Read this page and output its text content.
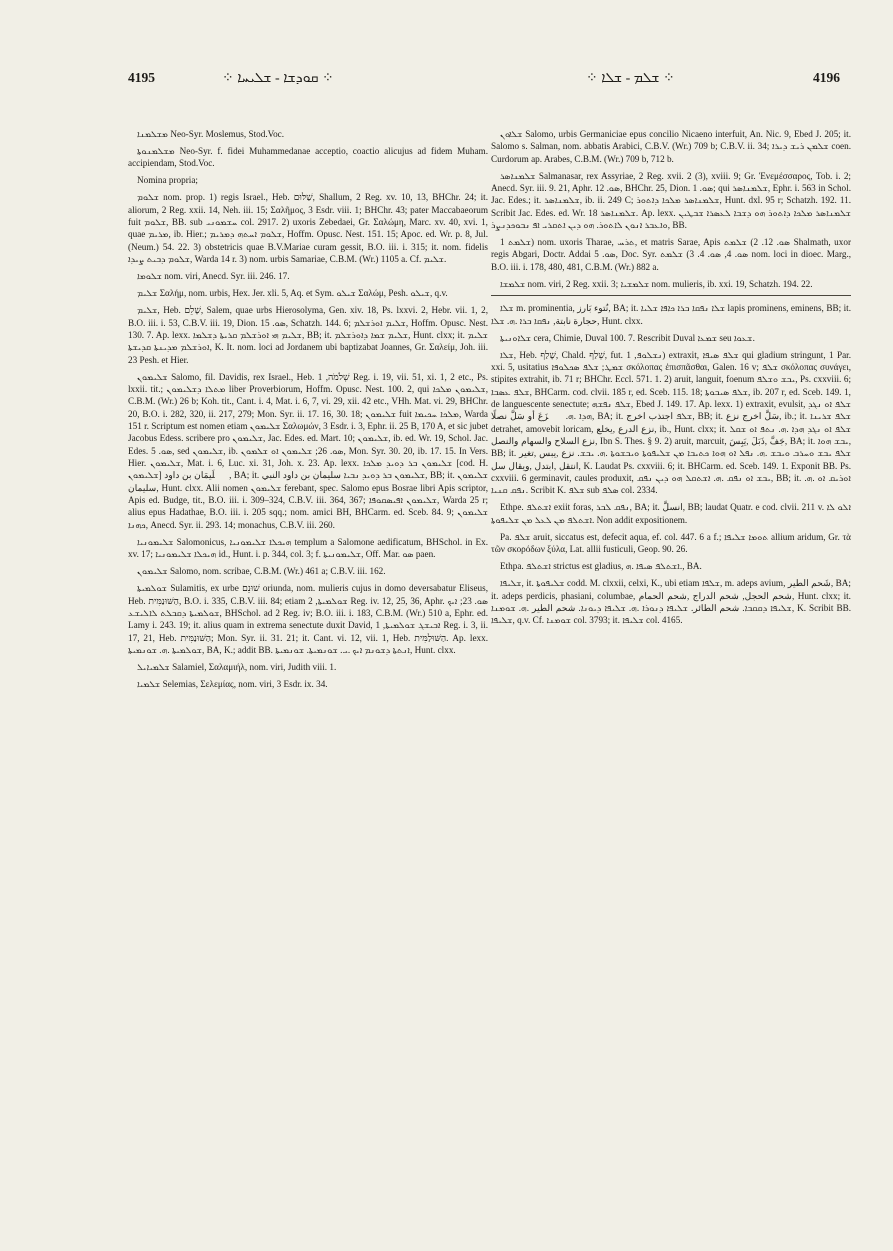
4195	⁘ ܩܘܕܫܐ - ܫܠܝܚܐ ⁘	⁘ ܫܠܡ - ܫܠܐ ⁘	4196

ܡܫܠܡܢܐ Neo-Syr. Moslemus, Stod.Voc.

ܡܫܠܡܢܘܬܐ Neo-Syr. f. fidei Muhammedanae acceptio, coactio alicujus ad fidem Muham. accipiendam, Stod.Voc.

Nomina propria;

ܫܠܘܡ nom. prop. 1) regis Israel., Heb. שַׁלּוּם, Shallum, 2 Reg. xv. 10, 13, BHChr. 24; it. aliorum, 2 Reg. xxii. 14, Neh. iii. 15; Σαλῆμος, 3 Esdr. viii. 1; BHChr. 43; pater Maccabaeorum fuit ܫܠܘܡ, BB. sub ܚܫܡܘܢܝ col. 2917. 2) uxoris Zebedaei, Gr. Σαλώμη, Marc. xv. 40, xvi. 1, quae ܡܪܝܡ, ib. Hier.; ܫܠܘܡ ܐܚܬܗ ܕܡܪܝܡ, Hoffm. Opusc. Nest. 151. 15; Apoc. ed. Wr. p. 8, Jul. (Neum.) 54. 22. 3) obstetricis quae B.V.Mariae curam gessit, B.O. iii. i. 315; it. nom. fidelis ܫܠܘܡ ܕܒܝܬ ܨܝܕܐ, Warda 14 r. 3) nom. urbis Samariae, C.B.M. (Wr.) 1105 a. Cf. ܫܠܝܡ.

ܫܠܘܡܐ nom. viri, Anecd. Syr. iii. 246. 17.

ܫܠܝܡ Σαλήμ, nom. urbis, Hex. Jer. xli. 5, Aq. et Sym. ܫܝܠܘ Σαλώμ, Pesh. ܫܝܠܘ, q.v.

ܫܠܝܡ, Heb. שָׁלֵם, Salem, quae urbs Hierosolyma, Gen. xiv. 18, Ps. lxxvi. 2, Hebr. vii. 1, 2, B.O. iii. i. 53, C.B.V. iii. 19, Dion. ܣܘ. 15, Schatzh. 144. 6; ܫܠܝܡ ܐܘܪܫܠܡ, Hoffm. Opusc. Nest. 130. 7. Ap. lexx. ܫܠܝܡ ܗܝ ܐܘܪܫܠܡ ܩܪܝܬܐ ܕܫܠܡܐ, BB; it. ܫܠܝܡ ܫܡܐ ܕܐܘܪܫܠܡ, Hunt. clxx; it. ܫܠܝܡ ܐܘܪܫܠܡ ܡܕܝܢܬܐ ܩܕܝܫܬܐ, K. It. nom. loci ad Jordanem ubi baptizabat Joannes, Gr. Σαλείμ, Joh. iii. 23 Pesh. et Hier.

ܫܠܝܡܘܢ Salomo, fil. Davidis, rex Israel., Heb. שְׁלֹמֹה, 1 Reg. i. 19, vii. 51, xi. 1, 2 etc., Ps. lxxii. tit.; ܡܬܠܐ ܕܫܠܝܡܘܢ liber Proverbiorum, Hoffm. Opusc. Nest. 100. 2, qui ܫܠܝܡܘܢ ܡܠܟܐ, C.B.M. (Wr.) 26 b; Koh. tit., Cant. i. 4, Mat. i. 6, 7, vi. 29, xii. 42 etc., VHh. Mat. vi. 29, BHChr. 20, B.O. i. 282, 320, ii. 217, 279; Mon. Syr. ii. 17. 16, 30. 18; ܫܠܝܡܘܢ fuit ܡܠܟܐ ܚܟܝܡܐ, Warda 151 r. Scriptum est nomen etiam ܫܠܝܡܘܢ Σαλωμών, 3 Esdr. i. 3, Ephr. ii. 25 B, 170 A, et sic jubet Jacobus Edess. scribere pro ܫܠܝܡܘܢ, Jac. Edes. ed. Mart. 10; ܫܠܝܡܘܢ, ib. ed. Wr. 19, Schol. Jac. Edes. ܣܘ. 5, sed ܫܠܝܡܘܢ, ib. ܣܘ. 26; ܫܠܝܡܘܢ ܐܘ ܫܠܡܘܢ, Mon. Syr. 30. 20, ib. 17. 15. In Vers. Hier. ܫܠܝܡܘܢ, Mat. i. 6, Luc. xi. 31, Joh. x. 23. Ap. lexx. ܫܠܝܡܘܢ ܒܪ ܕܘܝܕ ܡܠܟܐ [cod. H. ܫܠܝܡܘܢ] ܣُلَيمَان بن داود, BA; it. ܫܠܝܡܘܢ ܒܪ ܕܘܝܕ ܢܒܝܐ سليمان بن داود النبي, BB; it. ܫܠܝܡܘܢ سليمان, Hunt. clxx. Alii nomen ܫܠܝܡܘܢ ferebant, spec. Salomo epus Bosrae libri Apis scriptor, Apis ed. Budge, tit., B.O. iii. i. 309–324, C.B.V. iii. 364, 367; ܫܠܝܡܘܢ ܐܦܝܣܩܘܦܐ, Warda 25 r; alius epus Hadathae, B.O. iii. i. 205 sqq.; nom. amici BH, BHCarm. ed. Sceb. 84. 9; ܫܠܝܡܘܢ ܟܗܢܐ, Anecd. Syr. ii. 293. 14; monachus, C.B.V. iii. 260.

ܫܠܝܡܘܢܝܐ Salomonicus, ܗܝܟܠܐ ܫܠܝܡܘܢܝܐ templum a Salomone aedificatum, BHSchol. in Ex. xv. 17; ܗܝܟܠܐ ܫܠܝܡܘܢܝܐ id., Hunt. i. p. 344, col. 3; f. ܫܠܝܡܘܢܝܬܐ, Off. Mar. ܣܘ paen.

ܫܠܝܡܘܢ Salomo, nom. scribae, C.B.M. (Wr.) 461 a; C.B.V. iii. 162.

ܫܘܠܡܝܬܐ Sulamitis, ex urbe שׁוּנֵם oriunda, nom. mulieris cujus in domo deversabatur Eliseus, Heb. הַשּׁוּנַמִּית, B.O. i. 335, C.B.V. iii. 84; etiam ܫܘܠܡܝܬܐ, 2 Reg. iv. 12, 25, 36, Aphr. ܣܘ. 23; ܐܝܟ ܫܘܠܡܝܬܐ ܕܩܒܠܬ ܠܐܠܝܫܥ, BHSchol. ad 2 Reg. iv; B.O. iii. i. 183, C.B.M. (Wr.) 510 a, Ephr. ed. Lamy i. 243. 19; it. alius quam in extrema senectute duxit David, ܐܒܝܫܓ ܫܘܠܡܝܬܐ, 1 Reg. i. 3, ii. 17, 21, Heb. הַשּׁוּנַמִּית; Mon. Syr. ii. 31. 21; it. Cant. vi. 12, vii. 1, Heb. הַשּׁוּלַמִּית. Ap. lexx. ܫܘܠܡܝܬܐ .ܗ. ܫܘܢܡܝܬܐ, BA, K.; addit BB. ܐܢܬܬܐ ܕܫܘܢܡ ܐܝܟ .ܝ. ܫܘܢܡܝܬܐ. ܫܘܢܡܝܬܐ, Hunt. clxx.

ܫܠܡܝܐܝܠ Salamiel, Σαλαμιήλ, nom. viri, Judith viii. 1.

ܫܠܡܝܐ Selemias, Σελεμίας, nom. viri, 3 Esdr. ix. 34.

ܫܠܐܘܢ Salomo, urbis Germaniciae epus concilio Nicaeno interfuit, An. Nic. 9, Ebed J. 205; it. Salomo s. Salman, nom. abbatis Arabici, C.B.V. (Wr.) 709 b; C.B.V. ii. 34; ܫܠܡܢ ܪܝܫ ܕܝܪܐ coen. Curdorum ap. Arabes, C.B.M. (Wr.) 709 b, 712 b.

ܫܠܡܢܐܣܪ Salmanasar, rex Assyriae, 2 Reg. xvii. 2 (3), xviii. 9; Gr. Ἐνεμέσσαρος, Tob. i. 2; Anecd. Syr. iii. 9. 21, Aphr. ܣܘ. 12, BHChr. 25, Dion. ܣܘ. 1; qui ܫܠܡܢܐܣܪ, Ephr. i. 563 in Schol. Jac. Edes.; it. ܫܠܡܢܐܣܪ, ib. ii. 249 C; ܫܠܡܢܐܣܪ ܡܠܟܐ ܕܐܬܘܪ, Hunt. dxl. 95 r; Schatzh. 192. 11. Scribit Jac. Edes. ed. Wr. 18 ܫܠܡܢܐܣܪ. Ap. lexx. ܫܠܡܢܐܣܪ ܡܠܟܐ ܕܐܬܘܪ ܗܘ ܕܫܒܐ ܠܥܣܪܐ ܫܒܛܝܢ ܘܐܥܒܪ ܐܢܘܢ ܠܐܬܘܪ. ܗܘ ܕܝܢ ܐܬܩܪܝ ܐܦ ܢܒܘܟܕܢܨܪ, BB.

ܫܠܡܬ 1) nom. uxoris Tharae, ܬܪܚ, et matris Sarae, Apis ܣܘ. 12. 2) ܫܠܡܬ Shalmath, uxor regis Abgari, Doctr. Addai ܣܘ. 5, Doc. Syr. ܣܘ. 4, ܣܘ. 4. 3) ܫܠܡܬ nom. loci in dioec. Marg., B.O. iii. i. 178, 480, 481, C.B.M. (Wr.) 882 a.

ܫܠܡܫܐ nom. viri, 2 Reg. xxii. 3; ܫܠܡܫܝܐ nom. mulieris, ib. xxi. 19, Schatzh. 194. 22.

ܫܠܐ m. prominentia, نُتوء بَارز, BA; it. ܫܠܐ ܢܦܩܐ ܒܪܐ ܟܐܦܐ ܫܠܝܐ lapis prominens, eminens, BB; it. حجارة نابتة, ܢܦܩܐ ܒܪܐ .ܗ. ܫܠܐ, Hunt. clxx.

ܫܠܐܘܢܝܬܐ cera, Chimie, Duval 100. 7. Rescribit Duval ܫܡܥܐ seu ܫܥܘܐ.

ܫܠܐ, Heb. שָׁלַף, Chald. שְׁלַף, fut. ܢܫܠܘܦ, 1) extraxit, ܫܠܦ ܣܝܦܐ qui gladium stringunt, 1 Par. xxi. 5, usitatius ܫܡܛ; ܫܠܦ ܣܟܠܘܦܐ σκόλοπας ἐπισπᾶσθαι, Galen. 16 v; ܫܠܦ σκόλοπας συνάγει, stipites extrahit, ib. 71 r; BHChr. Eccl. 571. 1. 2) aruit, languit, foenum ܝܒܫ ܘܫܠܦ, Ps. cxxviii. 6; ܫܠܦ ܥܣܒܐ, BHCarm. cod. clvii. 185 r, ed. Sceb. 115. 18; ܫܠܦ ܣܝܒܘܬܐ, ib. 207 r, ed. Sceb. 149. 1, de languescente senectute; ܫܠܦ ܢܦܫܗ, Ebed J. 149. 17. Ap. lexx. 1) extraxit, evulsit, ܫܠܦ ܐܘ ܢܓܕ ܗܕܐ .ܗ. ܢَزَعَ أو سَلَّ نصلًا, BA; it. ܫܠܦ اجتذب اخرج, BB; it. سَلَّ اخرج نزع, ib.; it. ܫܠܦ ܫܪܝܢܐ detrahet, amovebit loricam, نزع الدرع ,يخلع, ib., Hunt. clxx; it. ܫܠܦ ܐܘ ܢܓܕ ܗܕܐ .ܗ. ܢܬܦ ܐܘ ܫܩܠ نزع السلاح والسهام والنصل, Ibn S. Thes. § 9. 2) aruit, marcuit, جَفَّ ,ذَبَلَ ,يَبِسَ, BA; it. ܝܒܫ ܗܘܐ, BB; it. ܫܠܦ ܝܒܫ ܘܚܪܒ ܘܝܒܫ .ܗ. ܢܦܠ ܐܘ ܗܘܐ ܟܬܝܒܐ ܡܢ ܫܠܝܦܘܬܐ ܘܝܒܫܘܬܐ .ܗ. ܝܒܫ. نزع ,يبس ,تغير انتقل ,ابتدل ,ويقال سل, K. Laudat Ps. cxxviii. 6; it. BHCarm. ed. Sceb. 149. 1. Exponit BB. Ps. cxxviii. 6 germinavit, caules produxit, ܝܒܫ ܐܘ ܢܦܩ .ܗ. ܐܫܬܩܠ ܗܘ ܕܝܢ ܢܦܩ, BB; it. ܐܘܪܝܩ ܐܘ .ܗ. ܢܦܩ ܩܢܝܐ. Scribit K. ܫܠܦ sub ܣܠܦ col. 2334.

Ethpe. ܐܫܬܠܦ exiit foras, ܢܦܩ ܠܒܪ, BA; it. انسلَّ, BB; laudat Quatr. e cod. clvii. 211 v. ܐܠܘ ܠܐ ܐܫܬܠܦ ܡܢ ܠܥܠ ܡܢ ܫܠܝܦܘܬܐ. Non addit expositionem.

Pa. ܫܠܦ aruit, siccatus est, defecit aqua, ef. col. 447. 6 a f.; ܬܘܡܐ ܫܠܝܦܐ allium aridum, Gr. τὰ τῶν σκορόδων ξύλα, Lat. allii fusticuli, Geop. 90. 26.

Ethpa. ܐܫܬܠܦ strictus est gladius, ܐܫܬܠܦ ܣܝܦܐ .ܗ., BA.

ܫܠܝܦܐ, it. ܫܠܝܦܘܬܐ codd. M. clxxii, celxi, K., ubi etiam ܫܠܦܐ, m. adeps avium, شَحم الطير, BA; it. adeps perdicis, phasiani, columbae, شحم الحجل, شحم الدراج ,شحم الحمام, Hunt. clxx; it. ܫܠܝܦܐ ܕܩܩܒܐ. شحم الطائر. ܫܠܝܦܐ ܕܢܘܪܐ .ܗ. ܫܠܝܦܐ ܕܝܘܢܐ. شحم الطير .ܗ. ܫܘܡܢܐ, K. Scribit BB. ܫܠܝܦܐ, q.v. Cf. ܫܘܡܢܐ col. 3793; it. ܫܠܝܦܐ col. 4165.
